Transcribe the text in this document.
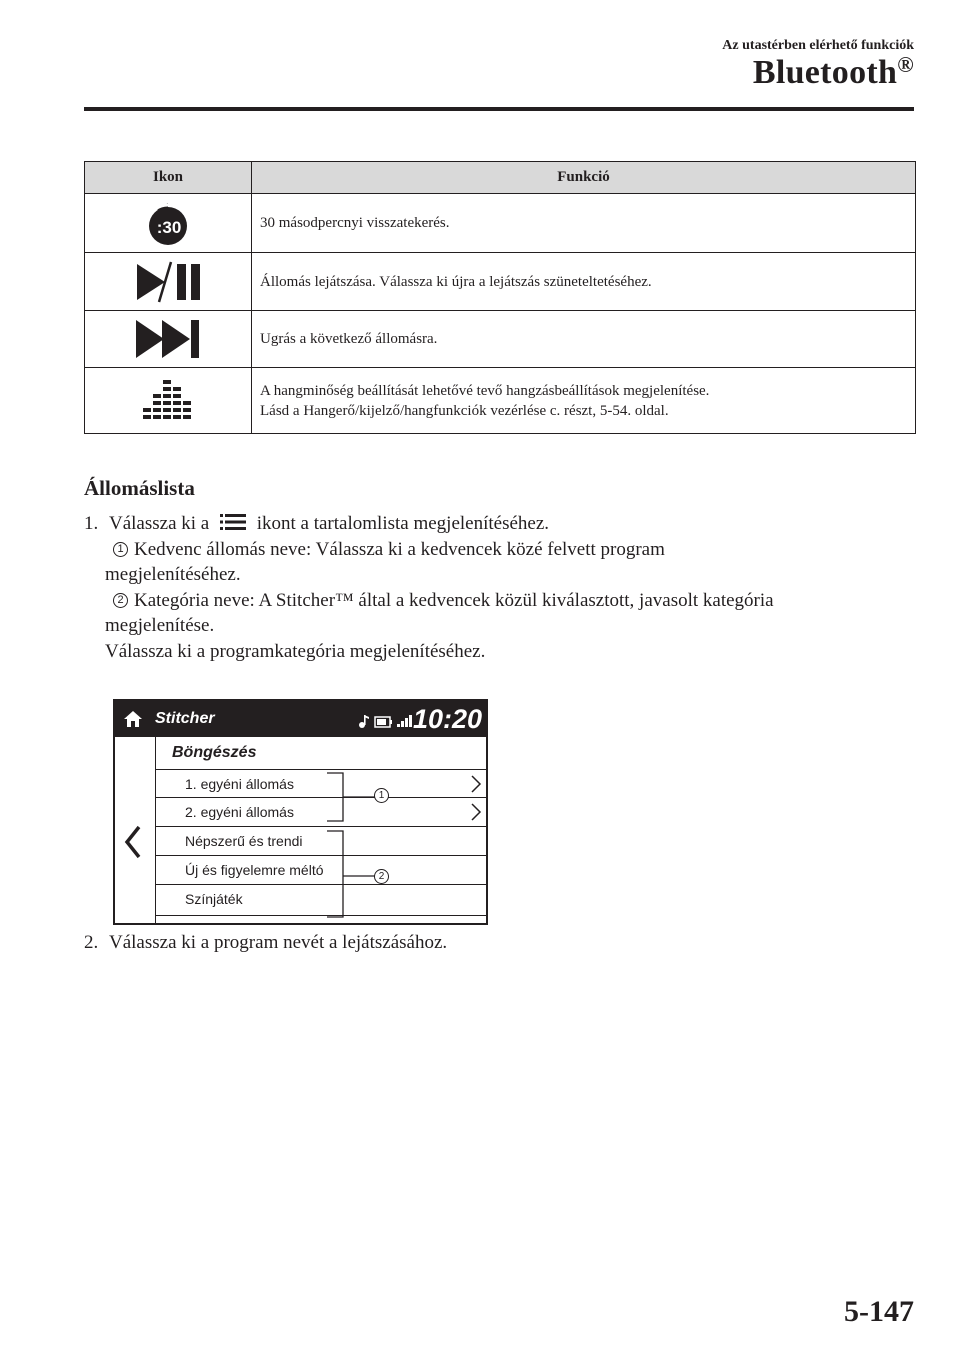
Az utastérben elérhető funkciók
Bluetooth®
Ikon	Funkció

:30	30 másodpercnyi visszatekerés.

	Állomás lejátszása. Válassza ki újra a lejátszás szüneteltetéséhez.

	Ugrás a következő állomásra.

A hangminőség beállítását lehetővé tevő hangzásbeállítások megjelenítése.
Lásd a Hangerő/kijelző/hangfunkciók vezérlése c. részt, 5-54. oldal.
Állomáslista
1. Válassza ki a	ikont a tartalomlista megjelenítéséhez.
1 Kedvenc állomás neve: Válassza ki a kedvencek közé felvett program
megjelenítéséhez.
2 Kategória neve: A Stitcher™ által a kedvencek közül kiválasztott, javasolt kategória
megjelenítése.
Válassza ki a programkategória megjelenítéséhez.
Stitcher	10:20
Böngészés
1. egyéni állomás
2. egyéni állomás
Népszerű és trendi
Új és figyelemre méltó
Színjáték
1
2
2. Válassza ki a program nevét a lejátszásához.
5-147
